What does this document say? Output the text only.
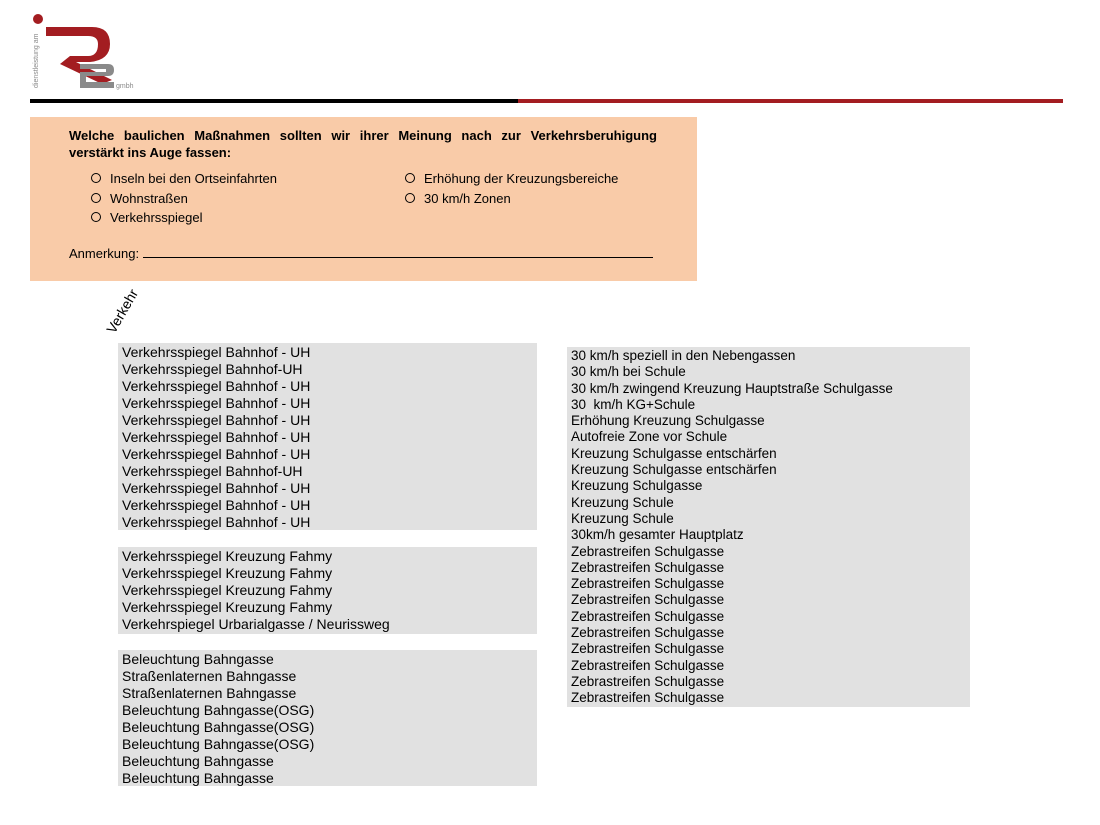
dienstleistung am	gmbh
Welche baulichen Maßnahmen sollten wir ihrer Meinung nach zur Verkehrsberuhigung verstärkt ins Auge fassen:
Inseln bei den Ortseinfahrten
Wohnstraßen
Verkehrsspiegel
Erhöhung der Kreuzungsbereiche
30 km/h Zonen
Anmerkung:
Verkehr
Verkehrsspiegel Bahnhof - UH
Verkehrsspiegel Bahnhof-UH
Verkehrsspiegel Bahnhof - UH
Verkehrsspiegel Bahnhof - UH
Verkehrsspiegel Bahnhof - UH
Verkehrsspiegel Bahnhof - UH
Verkehrsspiegel Bahnhof - UH
Verkehrsspiegel Bahnhof-UH
Verkehrsspiegel Bahnhof - UH
Verkehrsspiegel Bahnhof - UH
Verkehrsspiegel Bahnhof - UH
Verkehrsspiegel Kreuzung Fahmy
Verkehrsspiegel Kreuzung Fahmy
Verkehrsspiegel Kreuzung Fahmy
Verkehrsspiegel Kreuzung Fahmy
Verkehrspiegel Urbarialgasse / Neurissweg
Beleuchtung Bahngasse
Straßenlaternen Bahngasse
Straßenlaternen Bahngasse
Beleuchtung Bahngasse(OSG)
Beleuchtung Bahngasse(OSG)
Beleuchtung Bahngasse(OSG)
Beleuchtung Bahngasse
Beleuchtung Bahngasse
30 km/h speziell in den Nebengassen
30 km/h bei Schule
30 km/h zwingend Kreuzung Hauptstraße Schulgasse
30  km/h KG+Schule
Erhöhung Kreuzung Schulgasse
Autofreie Zone vor Schule
Kreuzung Schulgasse entschärfen
Kreuzung Schulgasse entschärfen
Kreuzung Schulgasse
Kreuzung Schule
Kreuzung Schule
30km/h gesamter Hauptplatz
Zebrastreifen Schulgasse
Zebrastreifen Schulgasse
Zebrastreifen Schulgasse
Zebrastreifen Schulgasse
Zebrastreifen Schulgasse
Zebrastreifen Schulgasse
Zebrastreifen Schulgasse
Zebrastreifen Schulgasse
Zebrastreifen Schulgasse
Zebrastreifen Schulgasse
